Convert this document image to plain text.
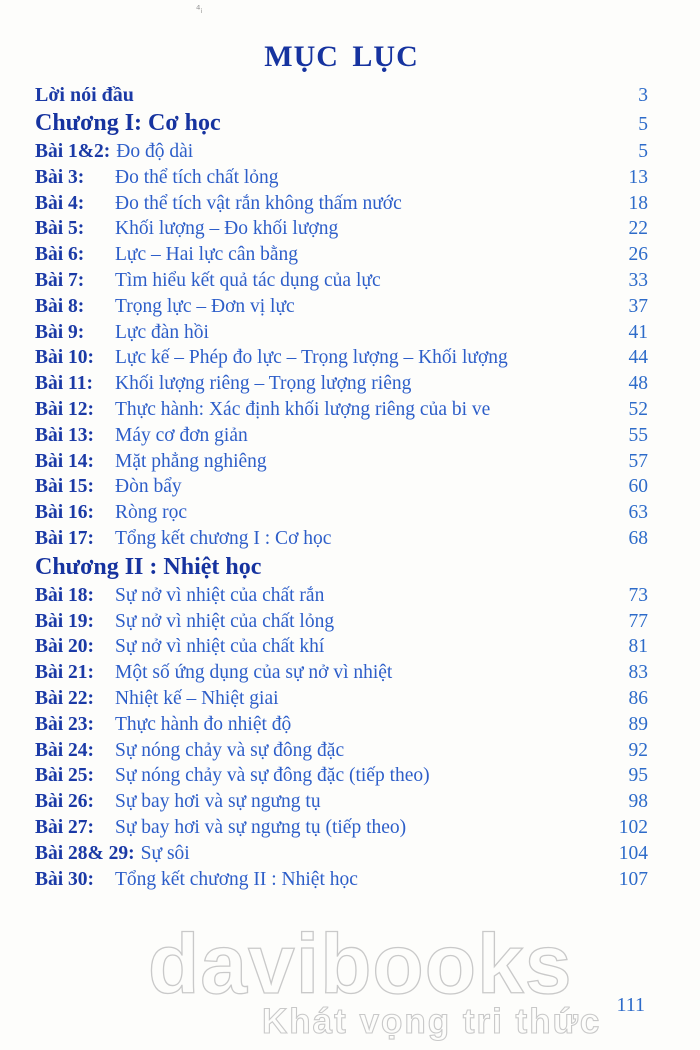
⁴ᵢ
MỤC LỤC
Lời nói đầu	3
Chương I: Cơ học	5
Bài 1&2: Đo độ dài	5
Bài 3:	Đo thể tích chất lỏng	13
Bài 4:	Đo thể tích vật rắn không thấm nước	18
Bài 5:	Khối lượng – Đo khối lượng	22
Bài 6:	Lực – Hai lực cân bằng	26
Bài 7:	Tìm hiểu kết quả tác dụng của lực	33
Bài 8:	Trọng lực – Đơn vị lực	37
Bài 9:	Lực đàn hồi	41
Bài 10:	Lực kế – Phép đo lực – Trọng lượng – Khối lượng	44
Bài 11:	Khối lượng riêng – Trọng lượng riêng	48
Bài 12:	Thực hành: Xác định khối lượng riêng của bi ve	52
Bài 13:	Máy cơ đơn giản	55
Bài 14:	Mặt phẳng nghiêng	57
Bài 15:	Đòn bẩy	60
Bài 16:	Ròng rọc	63
Bài 17:	Tổng kết chương I : Cơ học	68
Chương II : Nhiệt học
Bài 18:	Sự nở vì nhiệt của chất rắn	73
Bài 19:	Sự nở vì nhiệt của chất lỏng	77
Bài 20:	Sự nở vì nhiệt của chất khí	81
Bài 21:	Một số ứng dụng của sự nở vì nhiệt	83
Bài 22:	Nhiệt kế – Nhiệt giai	86
Bài 23:	Thực hành đo nhiệt độ	89
Bài 24:	Sự nóng chảy và sự đông đặc	92
Bài 25:	Sự nóng chảy và sự đông đặc (tiếp theo)	95
Bài 26:	Sự bay hơi và sự ngưng tụ	98
Bài 27:	Sự bay hơi và sự ngưng tụ (tiếp theo)	102
Bài 28& 29: Sự sôi	104
Bài 30:	Tổng kết chương II : Nhiệt học	107
davibooks
Khát vọng tri thức 111
